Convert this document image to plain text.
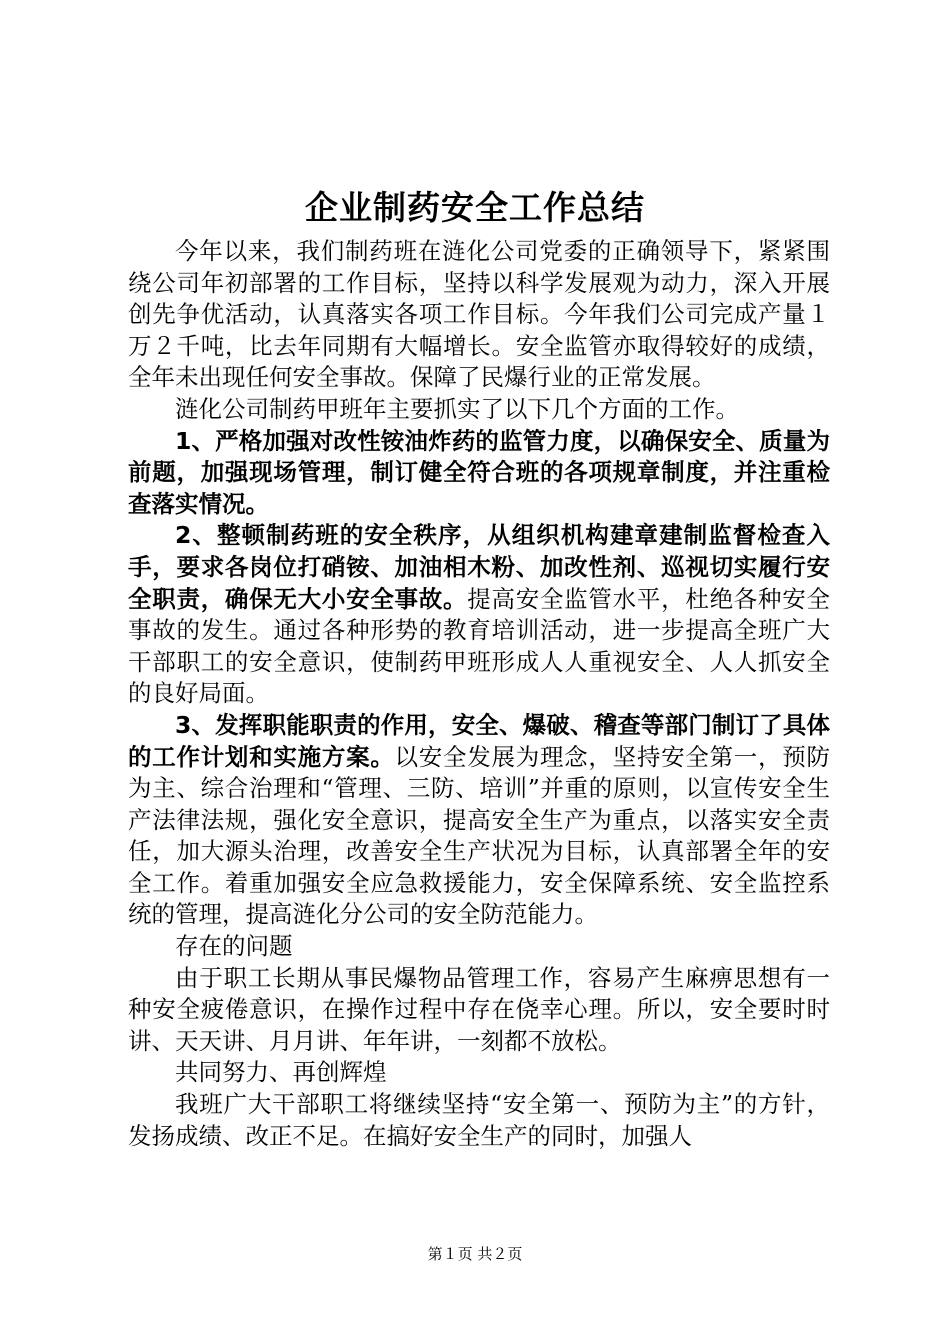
企业制药安全工作总结

今年以来，我们制药班在涟化公司党委的正确领导下，紧紧围绕公司年初部署的工作目标，坚持以科学发展观为动力，深入开展创先争优活动，认真落实各项工作目标。今年我们公司完成产量１万２千吨，比去年同期有大幅增长。安全监管亦取得较好的成绩，全年未出现任何安全事故。保障了民爆行业的正常发展。

涟化公司制药甲班年主要抓实了以下几个方面的工作。

1、严格加强对改性铵油炸药的监管力度，以确保安全、质量为前题，加强现场管理，制订健全符合班的各项规章制度，并注重检查落实情况。

2、整顿制药班的安全秩序，从组织机构建章建制监督检查入手，要求各岗位打硝铵、加油相木粉、加改性剂、巡视切实履行安全职责，确保无大小安全事故。提高安全监管水平，杜绝各种安全事故的发生。通过各种形势的教育培训活动，进一步提高全班广大干部职工的安全意识，使制药甲班形成人人重视安全、人人抓安全的良好局面。

3、发挥职能职责的作用，安全、爆破、稽查等部门制订了具体的工作计划和实施方案。以安全发展为理念，坚持安全第一，预防为主、综合治理和“管理、三防、培训”并重的原则，以宣传安全生产法律法规，强化安全意识，提高安全生产为重点，以落实安全责任，加大源头治理，改善安全生产状况为目标，认真部署全年的安全工作。着重加强安全应急救援能力，安全保障系统、安全监控系统的管理，提高涟化分公司的安全防范能力。

存在的问题

由于职工长期从事民爆物品管理工作，容易产生麻痹思想有一种安全疲倦意识，在操作过程中存在侥幸心理。所以，安全要时时讲、天天讲、月月讲、年年讲，一刻都不放松。

共同努力、再创辉煌

我班广大干部职工将继续坚持“安全第一、预防为主”的方针，发扬成绩、改正不足。在搞好安全生产的同时，加强人

第１页 共２页
